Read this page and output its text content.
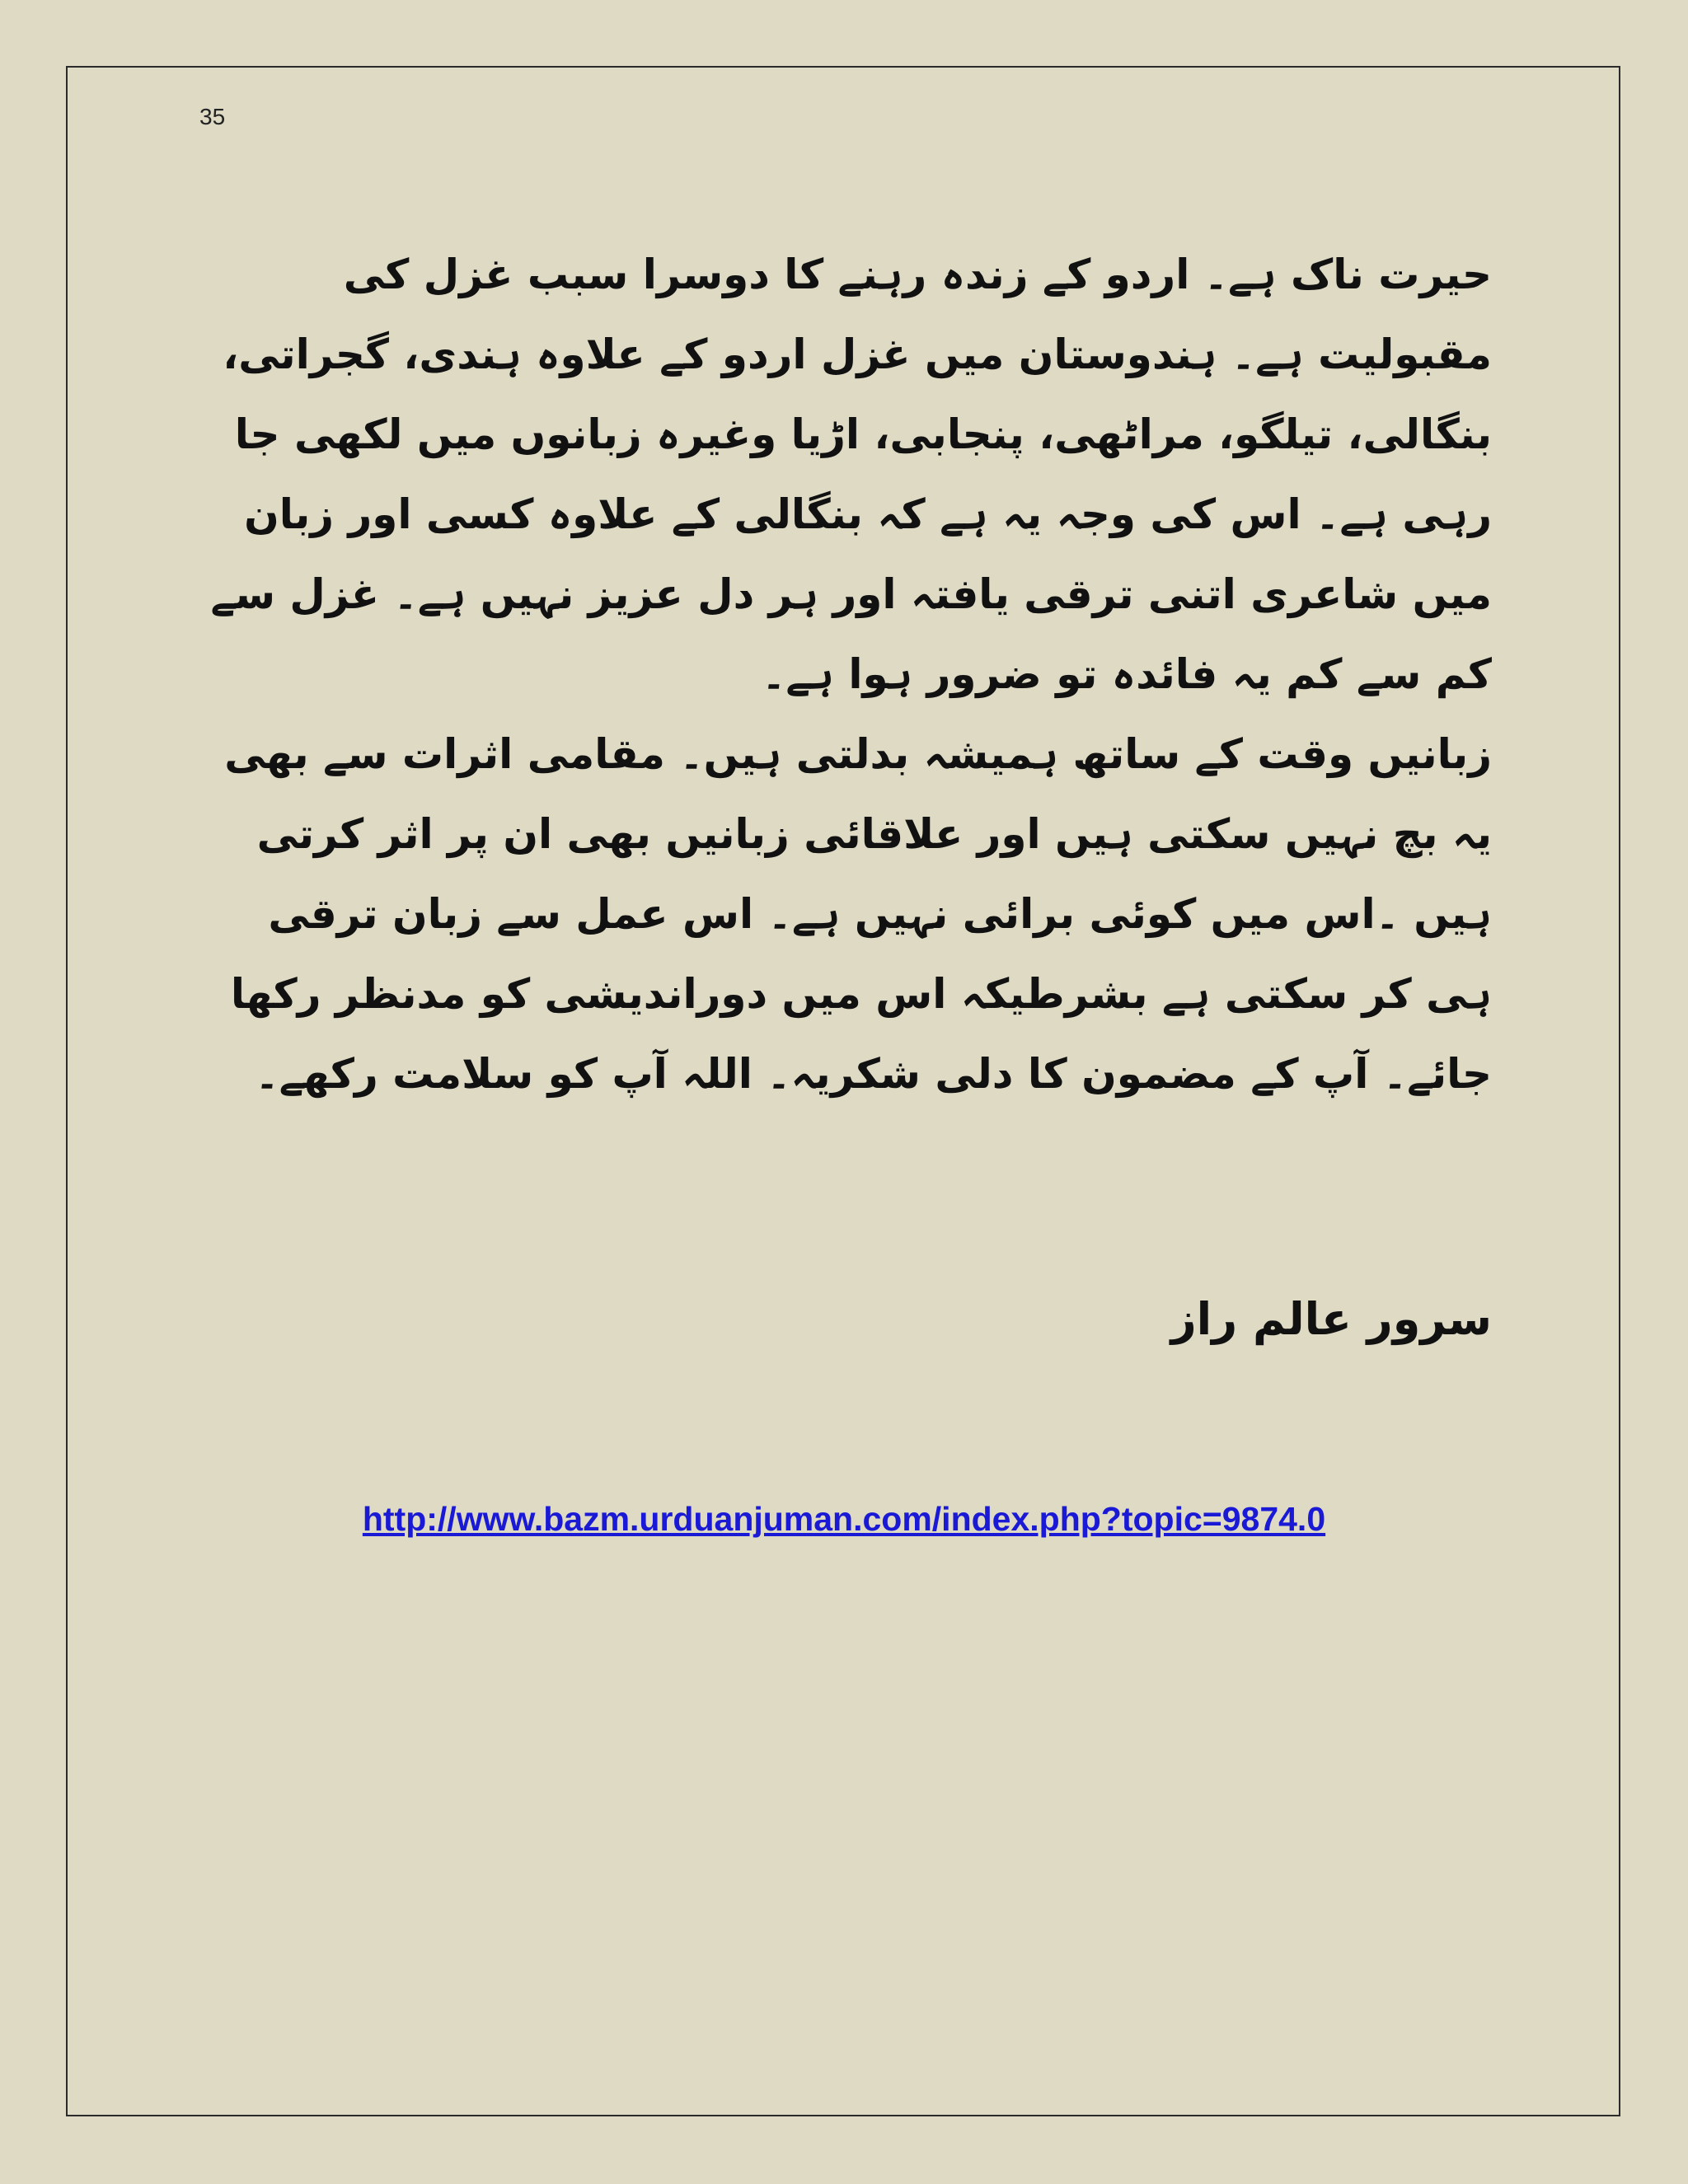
35

حیرت ناک ہے۔ اردو کے زندہ رہنے کا دوسرا سبب غزل کی مقبولیت ہے۔ ہندوستان میں غزل اردو کے علاوہ ہندی، گجراتی، بنگالی، تیلگو، مراٹھی، پنجابی، اڑیا وغیرہ زبانوں میں لکھی جا رہی ہے۔ اس کی وجہ یہ ہے کہ بنگالی کے علاوہ کسی اور زبان میں شاعری اتنی ترقی یافتہ اور ہر دل عزیز نہیں ہے۔ غزل سے کم سے کم یہ فائدہ تو ضرور ہوا ہے۔

زبانیں وقت کے ساتھ ہمیشہ بدلتی ہیں۔ مقامی اثرات سے بھی یہ بچ نہیں سکتی ہیں اور علاقائی زبانیں بھی ان پر اثر کرتی ہیں ۔اس میں کوئی برائی نہیں ہے۔ اس عمل سے زبان ترقی ہی کر سکتی ہے بشرطیکہ اس میں دوراندیشی کو مدنظر رکھا جائے۔ آپ کے مضمون کا دلی شکریہ۔ اللہ آپ کو سلامت رکھے۔

سرور عالم راز
http://www.bazm.urduanjuman.com/index.php?topic=9874.0
